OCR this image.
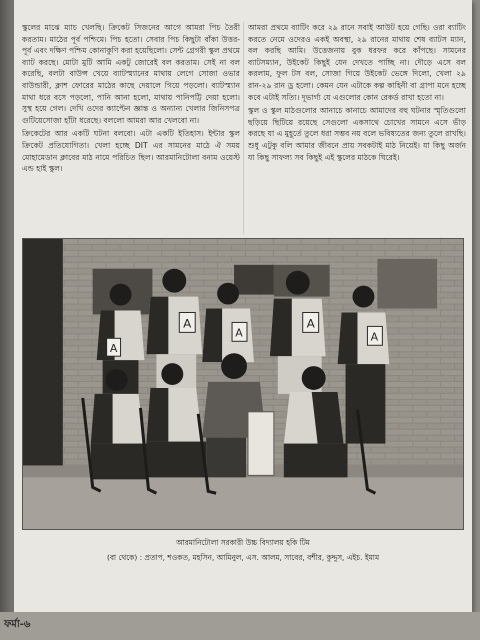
স্কুলের মাঝে ম্যাচ খেলছি। ক্রিকেট সিজনের আগে আমরা পিচ তৈরী করতাম। মাঠের পূর্ব পশ্চিমে। পিচ হতো। সেবার পিচ কিছুটা বাঁকা উত্তর-পূর্ব এবং দক্ষিণ পশ্চিম কোনাকুণি করা হয়েছিলো। সেন্ট গ্রেগরী স্কুল প্রথমে ব্যাট করছে। মোটা মুটি আমি একটু জোরেই বল করতাম। সেই না বল করেছি, বলটা বাউন্স খেয়ে ব্যাটস্ম্যানের মাথায় লেগে সোজা ওভার বাউন্ডারী, ক্লাশ ফোরের মাঠের কাছে দেয়ালে গিয়ে পড়লো। ব্যাটস্ম্যান মাথা ধরে বসে পড়লো, পানি আনা হলো, মাথায় পানিপট্টি দেয়া হলো। সুস্থ হয়ে গেল। দেখি ওদের ক্যাপ্টেন জ্ঞান্ত ও অন্যান্য খেলার জিনিসপত্র গুটিয়েসোজা হাঁটা ধরেছে। বললো আমরা আর খেলবো না।

ক্রিকেটের আর একটি ঘটনা বলবো। এটা একটি ইতিহাস। ইন্টার স্কুল ক্রিকেট প্রতিযোগিতা। খেলা হচ্ছে DIT এর সামনের মাঠে ঐ সময় মোহামেডান ক্লাবের মাঠ নামে পরিচিত ছিল। আরমানিটোলা বনাম ওয়েস্ট এন্ড হাই স্কুল।

আমরা প্রথমে ব্যাটিং করে ২৯ রানে সবাই আউট হয়ে গেছি। ওরা ব্যাটিং করতে নেমে ওদেরও একই অবস্থা, ২৯ রানের মাথায় শেষ ব্যাটস ম্যান, বল করছি আমি। উত্তেজনায় বুক ধরফর করে কাঁপছে। সামনের ব্যাটসম্যান, উইকেট কিছুই যেন দেখতে পাচ্ছি না। দৌড়ে এসে বল করলাম, ফুল টস বল, সোজা গিয়ে উইকেট ভেঙ্গে দিলো, খেলা ২৯ রান-২৯ রান ড্র হলো। কেমন যেন এটাকে কল্প কাহিনী বা গ্রাপা মনে হচ্ছে কবে এটাই সত্যি। দূভার্গ্য যে এগুলোর কোন রেকর্ড রাখা হতো না।

স্কুল ও স্কুল মাঠগুলোর আনাচে কানাচে আমাদের বহু ঘটনার স্মৃতিগুলো ছড়িয়ে ছিটিয়ে রয়েছে সেগুলো একসাথে চোখের সামনে এসে ভীড় করছে যা এ মুহূর্তে তুলে ধরা সম্ভব নয় বলে ভবিষ্যতের জন্য তুলে রাখছি। শুধু এটুকু বলি আমার জীবনে প্রায় সবকটাই মাঠ নিয়েই। যা কিছু অর্জন যা কিছু সাফল্য সব কিছুই এই স্কুলের মাঠকে ঘিরেই।

A
A
A
A
A
আরমানিটোলা সরকারী উচ্চ বিদ্যালয় হকি টিম
(বা থেকে) : প্রতাপ, শওকত, মহসিন, আমিনুল, এস. আলম, সাবের, বশীর, কুদ্দুস, এইচ. ইমাম
ফর্মা-৬
